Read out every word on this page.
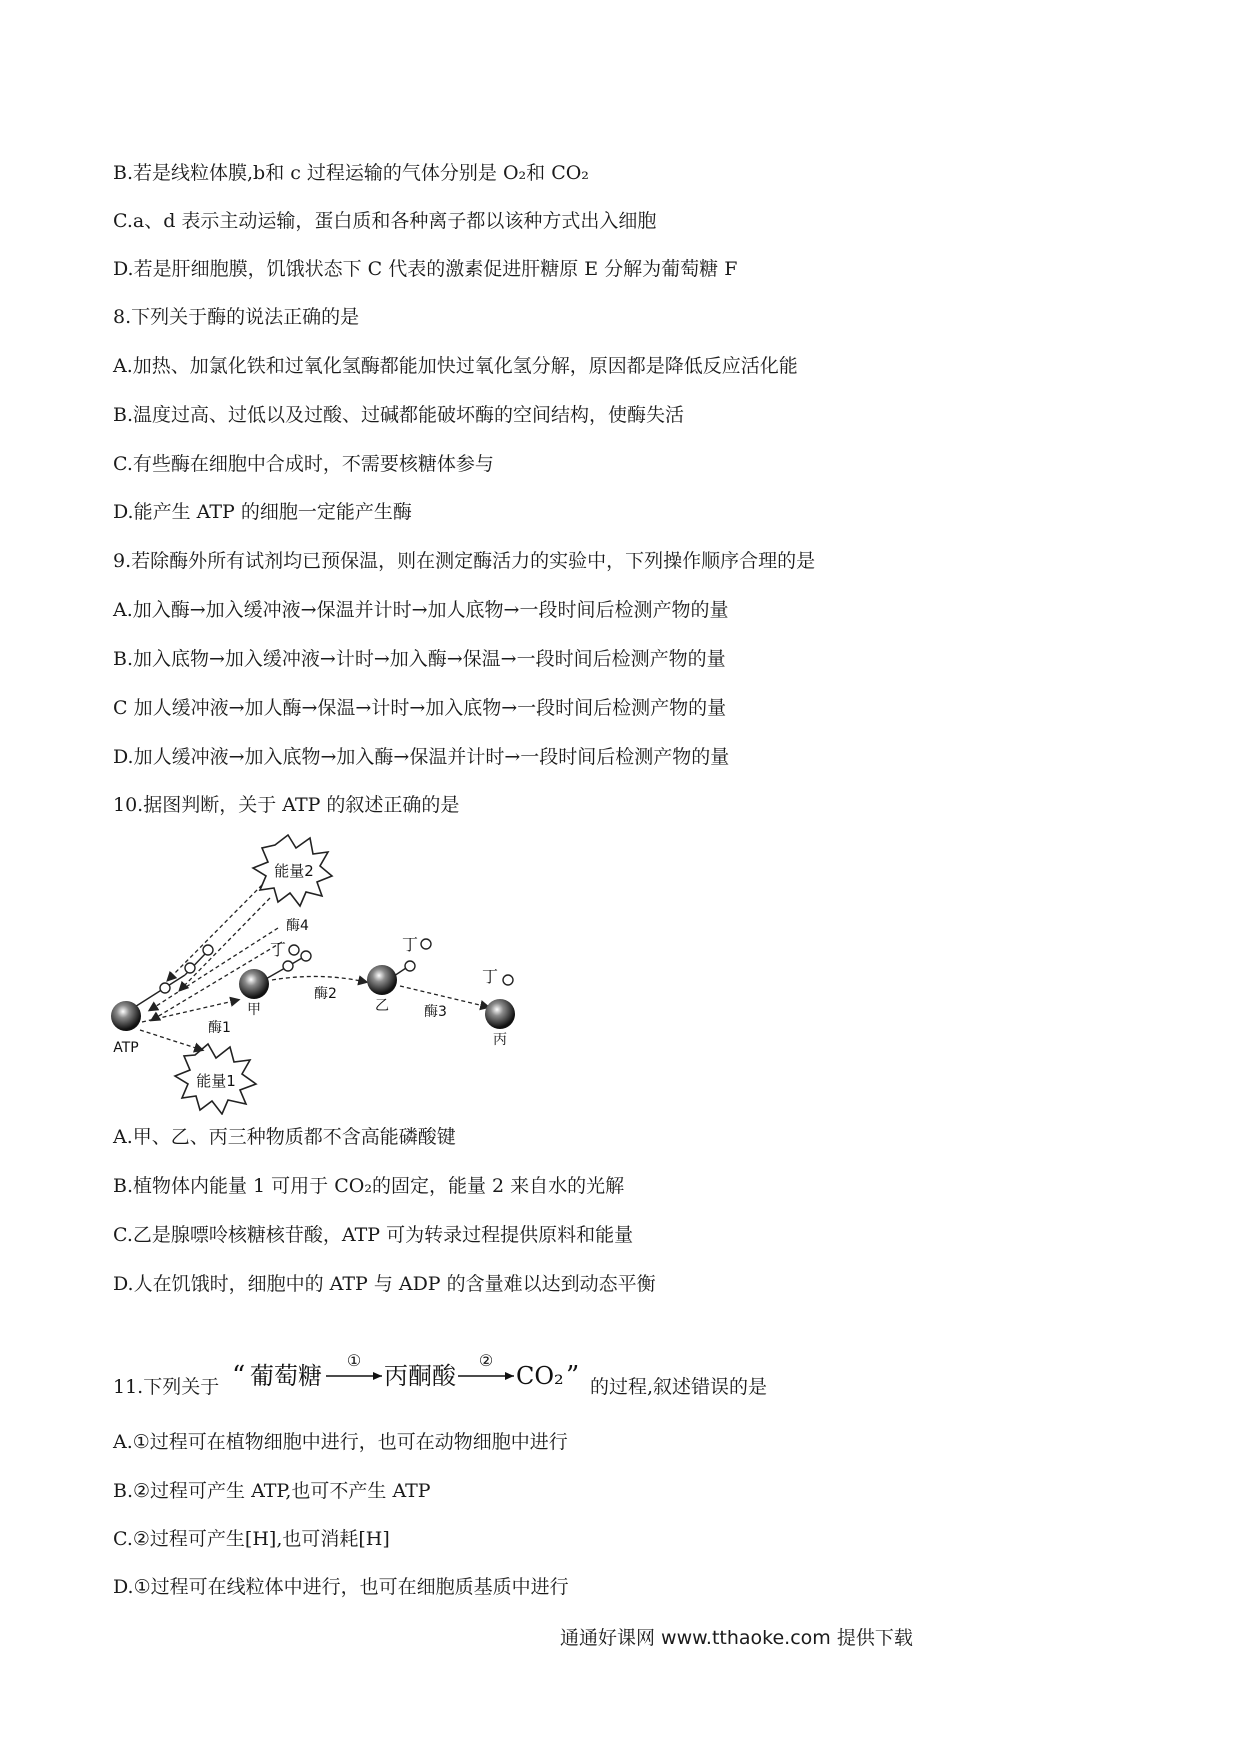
B.若是线粒体膜,b和 c 过程运输的气体分别是 O₂和 CO₂
C.a、d 表示主动运输，蛋白质和各种离子都以该种方式出入细胞
D.若是肝细胞膜，饥饿状态下 C 代表的激素促进肝糖原 E 分解为葡萄糖 F
8.下列关于酶的说法正确的是
A.加热、加氯化铁和过氧化氢酶都能加快过氧化氢分解，原因都是降低反应活化能
B.温度过高、过低以及过酸、过碱都能破坏酶的空间结构，使酶失活
C.有些酶在细胞中合成时，不需要核糖体参与
D.能产生 ATP 的细胞一定能产生酶
9.若除酶外所有试剂均已预保温，则在测定酶活力的实验中，下列操作顺序合理的是
A.加入酶→加入缓冲液→保温并计时→加人底物→一段时间后检测产物的量
B.加入底物→加入缓冲液→计时→加入酶→保温→一段时间后检测产物的量
C 加人缓冲液→加人酶→保温→计时→加入底物→一段时间后检测产物的量
D.加人缓冲液→加入底物→加入酶→保温并计时→一段时间后检测产物的量
10.据图判断，关于 ATP 的叙述正确的是
能量2
能量1
ATP
酶4
丁
酶1
甲
酶2
乙
丁
酶3
丙
丁
A.甲、乙、丙三种物质都不含高能磷酸键
B.植物体内能量 1 可用于 CO₂的固定，能量 2 来自水的光解
C.乙是腺嘌呤核糖核苷酸，ATP 可为转录过程提供原料和能量
D.人在饥饿时，细胞中的 ATP 与 ADP 的含量难以达到动态平衡
11.下列关于 “ 葡萄糖
①
丙酮酸
②
CO₂ ” 的过程,叙述错误的是
A.①过程可在植物细胞中进行，也可在动物细胞中进行
B.②过程可产生 ATP,也可不产生 ATP
C.②过程可产生[H],也可消耗[H]
D.①过程可在线粒体中进行，也可在细胞质基质中进行
通通好课网 www.tthaoke.com 提供下载
